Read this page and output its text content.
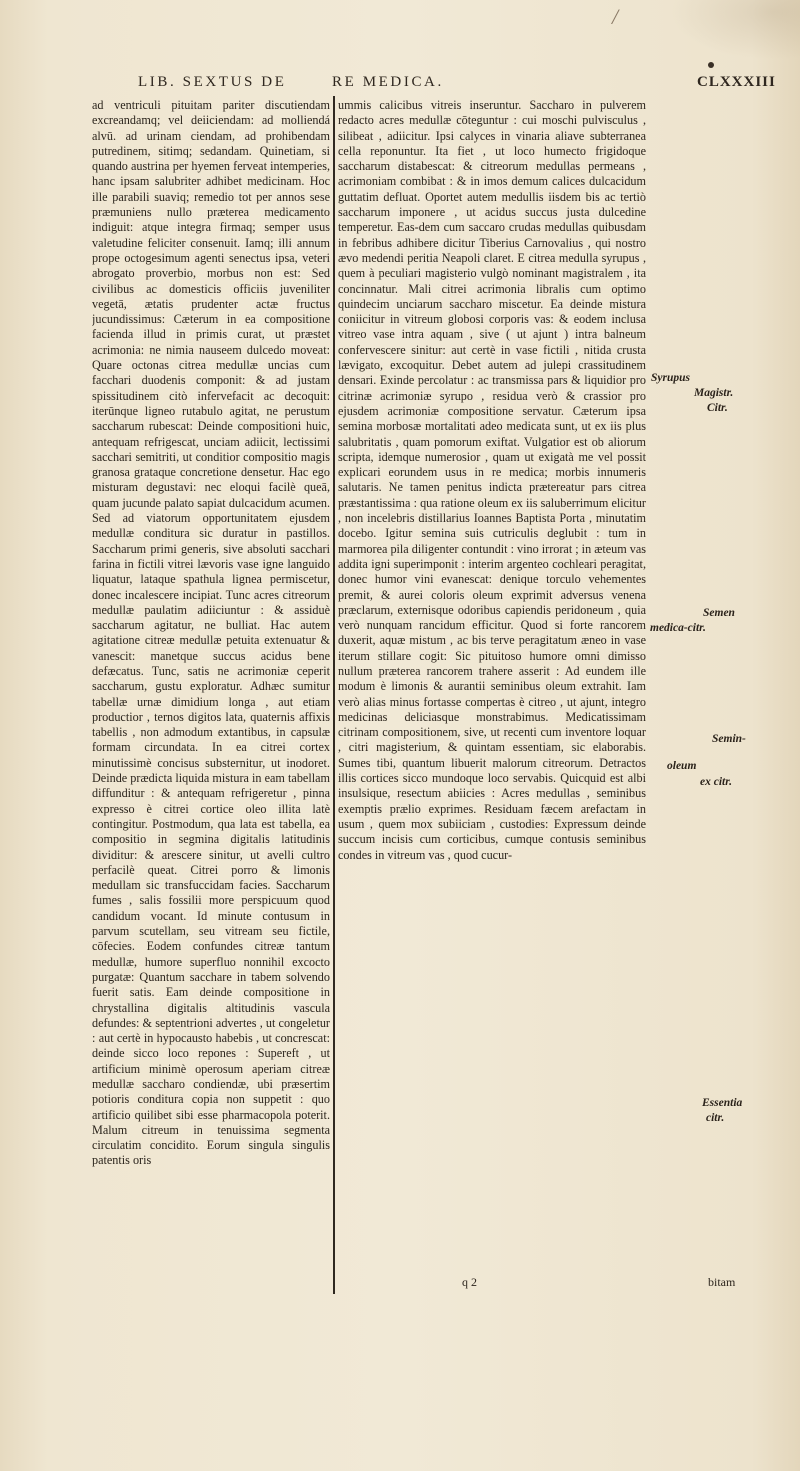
/
LIB. SEXTUS DE	RE MEDICA.	CLXXXIII

ad ventriculi pituitam pariter discutiendam excreandamq; vel deiiciendam: ad molliendá alvū. ad urinam ciendam, ad prohibendam putredinem, sitimq; sedandam. Quinetiam, si quando austrina per hyemen ferveat intemperies, hanc ipsam salubriter adhibet medicinam. Hoc ille parabili suaviq; remedio tot per annos sese præmuniens nullo præterea medicamento indiguit: atque integra firmaq; semper usus valetudine feliciter consenuit. Iamq; illi annum prope octogesimum agenti senectus ipsa, veteri abrogato proverbio, morbus non est: Sed civilibus ac domesticis officiis juveniliter vegetā, ætatis prudenter actæ fructus jucundissimus: Cæterum in ea compositione facienda illud in primis curat, ut præstet acrimonia: ne nimia nauseem dulcedo moveat: Quare octonas citrea medullæ uncias cum facchari duodenis componit: & ad justam spissitudinem citò infervefacit ac decoquit: iterūnque ligneo rutabulo agitat, ne perustum saccharum rubescat: Deinde compositioni huic, antequam refrigescat, unciam adiicit, lectissimi sacchari semitriti, ut conditior compositio magis granosa grataque concretione densetur. Hac ego misturam degustavi: nec eloqui facilè queā, quam jucunde palato sapiat dulcacidum acumen. Sed ad viatorum opportunitatem ejusdem medullæ conditura sic duratur in pastillos. Saccharum primi generis, sive absoluti sacchari farina in fictili vitrei lævoris vase igne languido liquatur, lataque spathula lignea permiscetur, donec incalescere incipiat. Tunc acres citreorum medullæ paulatim adiiciuntur : & assiduè saccharum agitatur, ne bulliat. Hac autem agitatione citreæ medullæ petuita extenuatur & vanescit: manetque succus acidus bene defæcatus. Tunc, satis ne acrimoniæ ceperit saccharum, gustu exploratur. Adhæc sumitur tabellæ urnæ dimidium longa , aut etiam productior , ternos digitos lata, quaternis affixis tabellis , non admodum extantibus, in capsulæ formam circundata. In ea citrei cortex minutissimè concisus substernitur, ut inodoret. Deinde prædicta liquida mistura in eam tabellam diffunditur : & antequam refrigeretur , pinna expresso è citrei cortice oleo illita latè contingitur. Postmodum, qua lata est tabella, ea compositio in segmina digitalis latitudinis dividitur: & arescere sinitur, ut avelli cultro perfacilè queat. Citrei porro & limonis medullam sic transfuccidam facies. Saccharum fumes , salis fossilii more perspicuum quod candidum vocant. Id minute contusum in parvum scutellam, seu vitream seu fictile, cōfecies. Eodem confundes citreæ tantum medullæ, humore superfluo nonnihil excocto purgatæ: Quantum sacchare in tabem solvendo fuerit satis. Eam deinde compositione in chrystallina digitalis altitudinis vascula defundes: & septentrioni advertes , ut congeletur : aut certè in hypocausto habebis , ut concrescat: deinde sicco loco repones : Supereft , ut artificium minimè operosum aperiam citreæ medullæ saccharo condiendæ, ubi præsertim potioris conditura copia non suppetit : quo artificio quilibet sibi esse pharmacopola poterit. Malum citreum in tenuissima segmenta circulatim concidito. Eorum singula singulis patentis oris

ummis calicibus vitreis inseruntur. Saccharo in pulverem redacto acres medullæ cōteguntur : cui moschi pulvisculus , silibeat , adiicitur. Ipsi calyces in vinaria aliave subterranea cella reponuntur. Ita fiet , ut loco humecto frigidoque saccharum distabescat: & citreorum medullas permeans , acrimoniam combibat : & in imos demum calices dulcacidum guttatim defluat. Oportet autem medullis iisdem bis ac tertiò saccharum imponere , ut acidus succus justa dulcedine temperetur. Eas-dem cum saccaro crudas medullas quibusdam in febribus adhibere dicitur Tiberius Carnovalius , qui nostro ævo medendi peritia Neapoli claret. E citrea medulla syrupus , quem à peculiari magisterio vulgò nominant magistralem , ita concinnatur. Mali citrei acrimonia libralis cum optimo quindecim unciarum saccharo miscetur. Ea deinde mistura coniicitur in vitreum globosi corporis vas: & eodem inclusa vitreo vase intra aquam , sive ( ut ajunt ) intra balneum confervescere sinitur: aut certè in vase fictili , nitida crusta lævigato, excoquitur. Debet autem ad julepi crassitudinem densari. Exinde percolatur : ac transmissa pars & liquidior pro citrinæ acrimoniæ syrupo , residua verò & crassior pro ejusdem acrimoniæ compositione servatur. Cæterum ipsa semina morbosæ mortalitati adeo medicata sunt, ut ex iis plus salubritatis , quam pomorum exiftat. Vulgatior est ob aliorum scripta, idemque numerosior , quam ut exigatà me vel possit explicari eorundem usus in re medica; morbis innumeris salutaris. Ne tamen penitus indicta prætereatur pars citrea præstantissima : qua ratione oleum ex iis saluberrimum elicitur , non incelebris distillarius Ioannes Baptista Porta , minutatim docebo. Igitur semina suis cutriculis deglubit : tum in marmorea pila diligenter contundit : vino irrorat ; in æteum vas addita igni superimponit : interim argenteo cochleari peragitat, donec humor vini evanescat: denique torculo vehementes premit, & aurei coloris oleum exprimit adversus venena præclarum, externisque odoribus capiendis peridoneum , quia verò nunquam rancidum efficitur. Quod si forte rancorem duxerit, aquæ mistum , ac bis terve peragitatum æneo in vase iterum stillare cogit: Sic pituitoso humore omni dimisso nullum præterea rancorem trahere asserit : Ad eundem ille modum è limonis & aurantii seminibus oleum extrahit. Iam verò alias minus fortasse compertas è citreo , ut ajunt, integro medicinas deliciasque monstrabimus. Medicatissimam citrinam compositionem, sive, ut recenti cum inventore loquar , citri magisterium, & quintam essentiam, sic elaborabis. Sumes tibi, quantum libuerit malorum citreorum. Detractos illis cortices sicco mundoque loco servabis. Quicquid est albi insulsique, resectum abiicies : Acres medullas , seminibus exemptis prælio exprimes. Residuam fæcem arefactam in usum , quem mox subiiciam , custodies: Expressum deinde succum incisis cum corticibus, cumque contusis seminibus condes in vitreum vas , quod cucur-

Syrupus
Magistr.
Citr.
Semen
medica-citr.
Semin-
oleum
ex citr.
Essentia
citr.
q 2	bitam
